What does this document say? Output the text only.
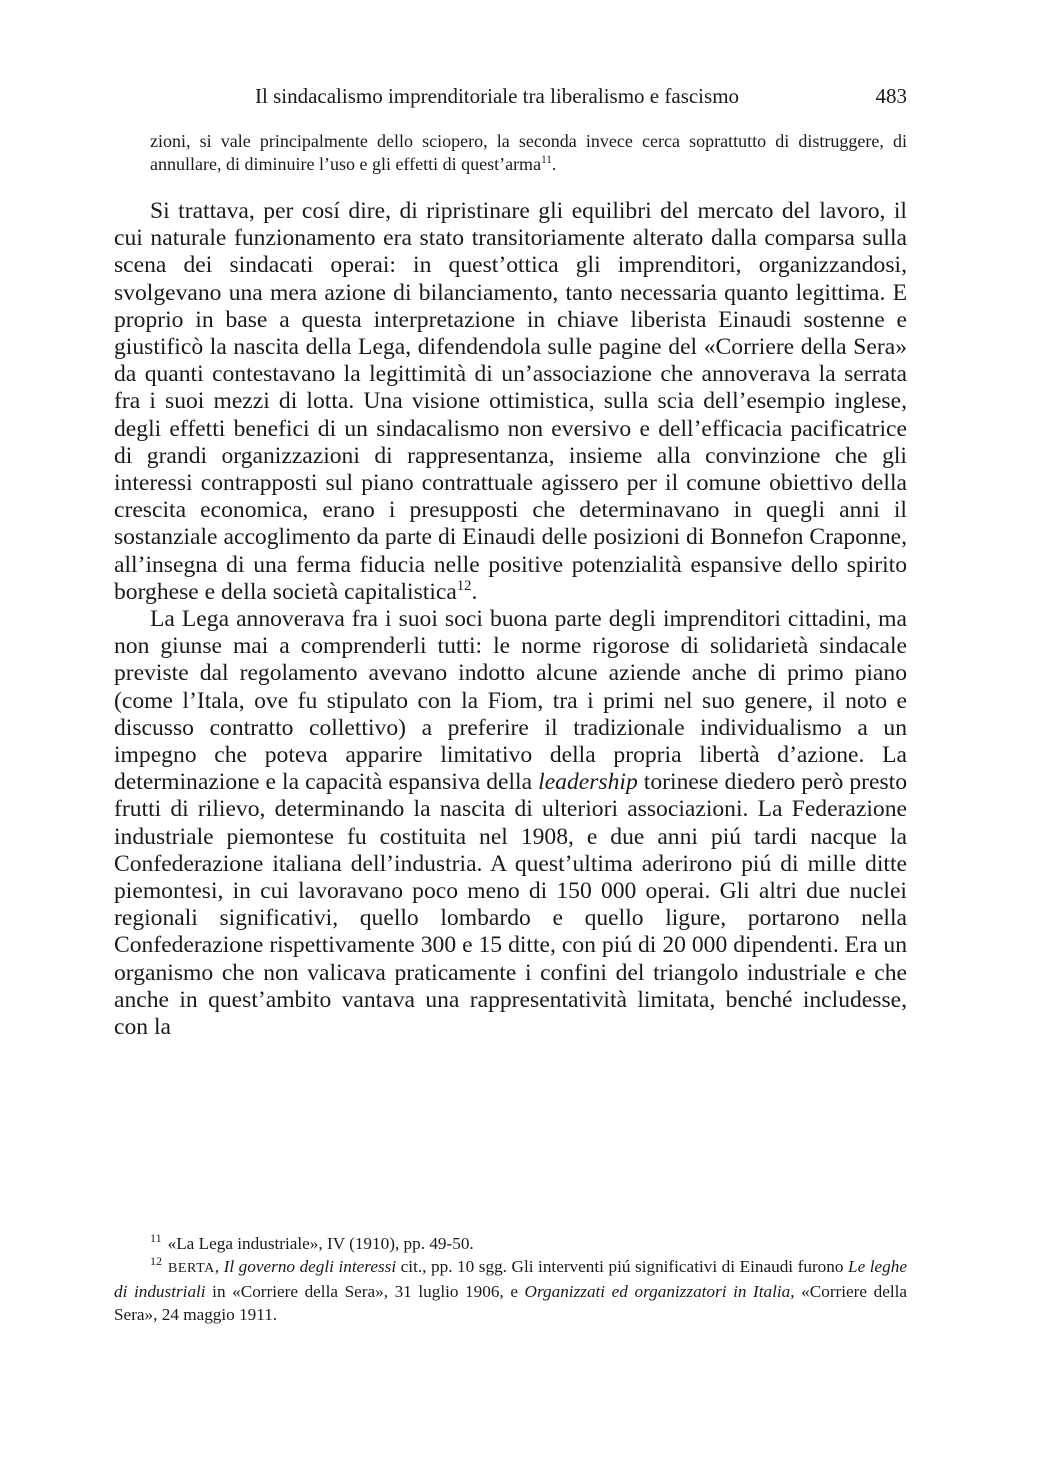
Il sindacalismo imprenditoriale tra liberalismo e fascismo	483

zioni, si vale principalmente dello sciopero, la seconda invece cerca soprattutto di distruggere, di annullare, di diminuire l’uso e gli effetti di quest’arma$^{11}$.

Si trattava, per cosí dire, di ripristinare gli equilibri del mercato del lavoro, il cui naturale funzionamento era stato transitoriamente alterato dalla comparsa sulla scena dei sindacati operai: in quest’ottica gli imprenditori, organizzandosi, svolgevano una mera azione di bilanciamento, tanto necessaria quanto legittima. E proprio in base a questa interpretazione in chiave liberista Einaudi sostenne e giustificò la nascita della Lega, difendendola sulle pagine del «Corriere della Sera» da quanti contestavano la legittimità di un’associazione che annoverava la serrata fra i suoi mezzi di lotta. Una visione ottimistica, sulla scia dell’esempio inglese, degli effetti benefici di un sindacalismo non eversivo e dell’efficacia pacificatrice di grandi organizzazioni di rappresentanza, insieme alla convinzione che gli interessi contrapposti sul piano contrattuale agissero per il comune obiettivo della crescita economica, erano i presupposti che determinavano in quegli anni il sostanziale accoglimento da parte di Einaudi delle posizioni di Bonnefon Craponne, all’insegna di una ferma fiducia nelle positive potenzialità espansive dello spirito borghese e della società capitalistica$^{12}$.

La Lega annoverava fra i suoi soci buona parte degli imprenditori cittadini, ma non giunse mai a comprenderli tutti: le norme rigorose di solidarietà sindacale previste dal regolamento avevano indotto alcune aziende anche di primo piano (come l’Itala, ove fu stipulato con la Fiom, tra i primi nel suo genere, il noto e discusso contratto collettivo) a preferire il tradizionale individualismo a un impegno che poteva apparire limitativo della propria libertà d’azione. La determinazione e la capacità espansiva della leadership torinese diedero però presto frutti di rilievo, determinando la nascita di ulteriori associazioni. La Federazione industriale piemontese fu costituita nel 1908, e due anni piú tardi nacque la Confederazione italiana dell’industria. A quest’ultima aderirono piú di mille ditte piemontesi, in cui lavoravano poco meno di 150 000 operai. Gli altri due nuclei regionali significativi, quello lombardo e quello ligure, portarono nella Confederazione rispettivamente 300 e 15 ditte, con piú di 20 000 dipendenti. Era un organismo che non valicava praticamente i confini del triangolo industriale e che anche in quest’ambito vantava una rappresentatività limitata, benché includesse, con la

$^{11}$ «La Lega industriale», IV (1910), pp. 49-50.

$^{12}$ BERTA, Il governo degli interessi cit., pp. 10 sgg. Gli interventi piú significativi di Einaudi furono Le leghe di industriali in «Corriere della Sera», 31 luglio 1906, e Organizzati ed organizzatori in Italia, «Corriere della Sera», 24 maggio 1911.
